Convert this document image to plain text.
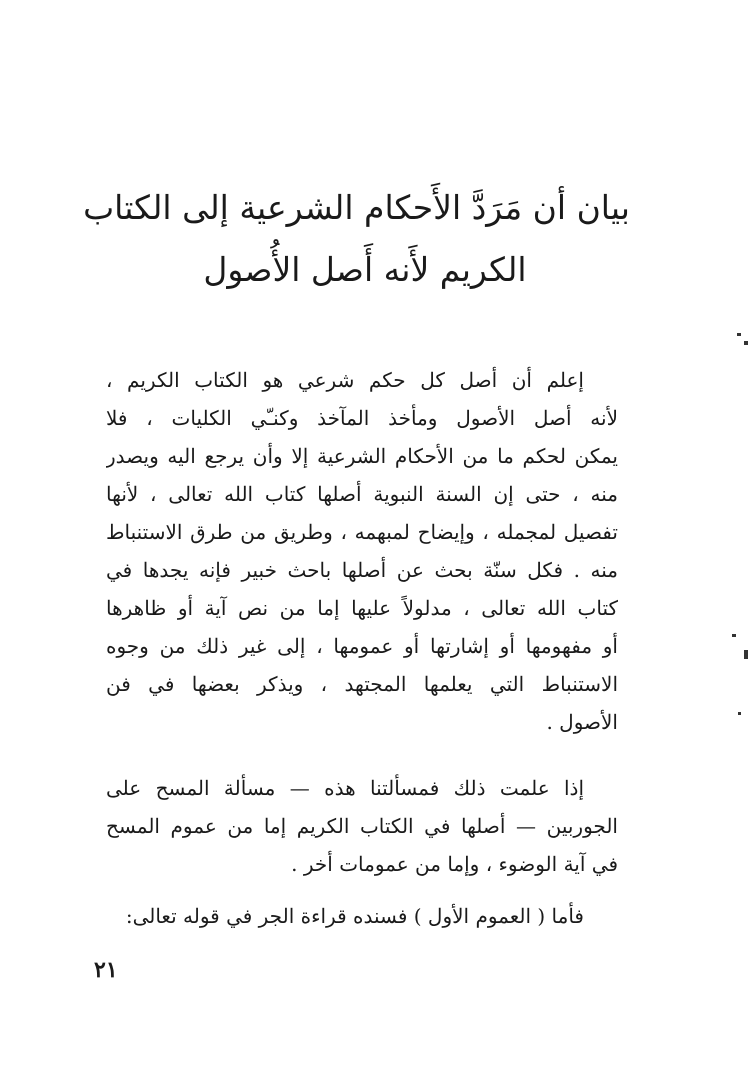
بيان أن مَرَدَّ الأَحكام الشرعية إلى الكتاب
الكريم لأَنه أَصل الأُصول
إعلم أن أصل كل حكم شرعي هو الكتاب الكريم ،
لأنه أصل الأصول ومأخذ المآخذ وكنـّي الكليات ، فلا
يمكن لحكم ما من الأحكام الشرعية إلا وأن يرجع اليه ويصدر
منه ، حتى إن السنة النبوية أصلها كتاب الله تعالى ، لأنها
تفصيل لمجمله ، وإيضاح لمبهمه ، وطريق من طرق الاستنباط
منه . فكل سنّة بحث عن أصلها باحث خبير فإنه يجدها في
كتاب الله تعالى ، مدلولاً عليها إما من نص آية أو ظاهرها
أو مفهومها أو إشارتها أو عمومها ، إلى غير ذلك من وجوه
الاستنباط التي يعلمها المجتهد ، ويذكر بعضها في فن
الأصول .
إذا علمت ذلك فمسألتنا هذه — مسألة المسح على
الجوربين — أصلها في الكتاب الكريم إما من عموم المسح
في آية الوضوء ، وإما من عمومات أخر .
فأما ( العموم الأول ) فسنده قراءة الجر في قوله تعالى:
٢١
